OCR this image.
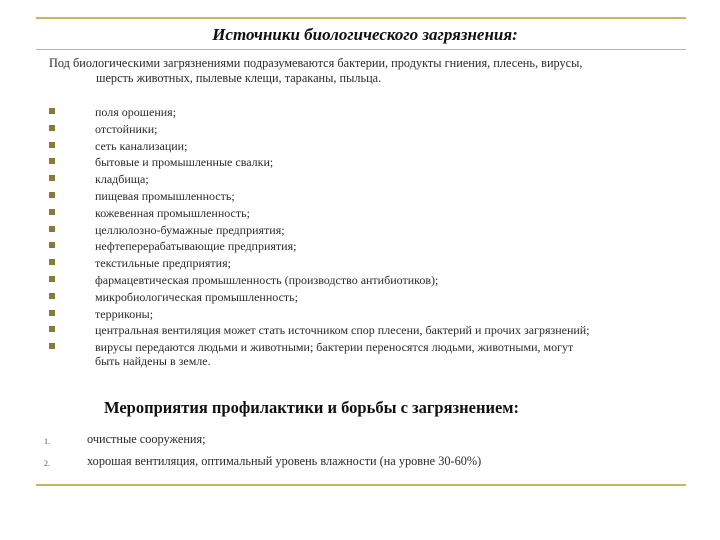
Источники биологического загрязнения:
Под биологическими загрязнениями подразумеваются бактерии, продукты гниения, плесень, вирусы,
шерсть животных, пылевые клещи, тараканы, пыльца.
поля орошения;
отстойники;
сеть канализации;
бытовые и промышленные свалки;
кладбища;
пищевая промышленность;
кожевенная промышленность;
целлюлозно-бумажные предприятия;
нефтеперерабатывающие предприятия;
текстильные предприятия;
фармацевтическая промышленность (производство антибиотиков);
микробиологическая промышленность;
терриконы;
центральная вентиляция может стать источником спор плесени, бактерий и прочих загрязнений;
вирусы передаются людьми и животными; бактерии переносятся людьми, животными, могут
быть найдены в земле.
Мероприятия профилактики и борьбы с загрязнением:
1.	очистные сооружения;
2.	хорошая вентиляция, оптимальный уровень влажности (на уровне 30-60%)
